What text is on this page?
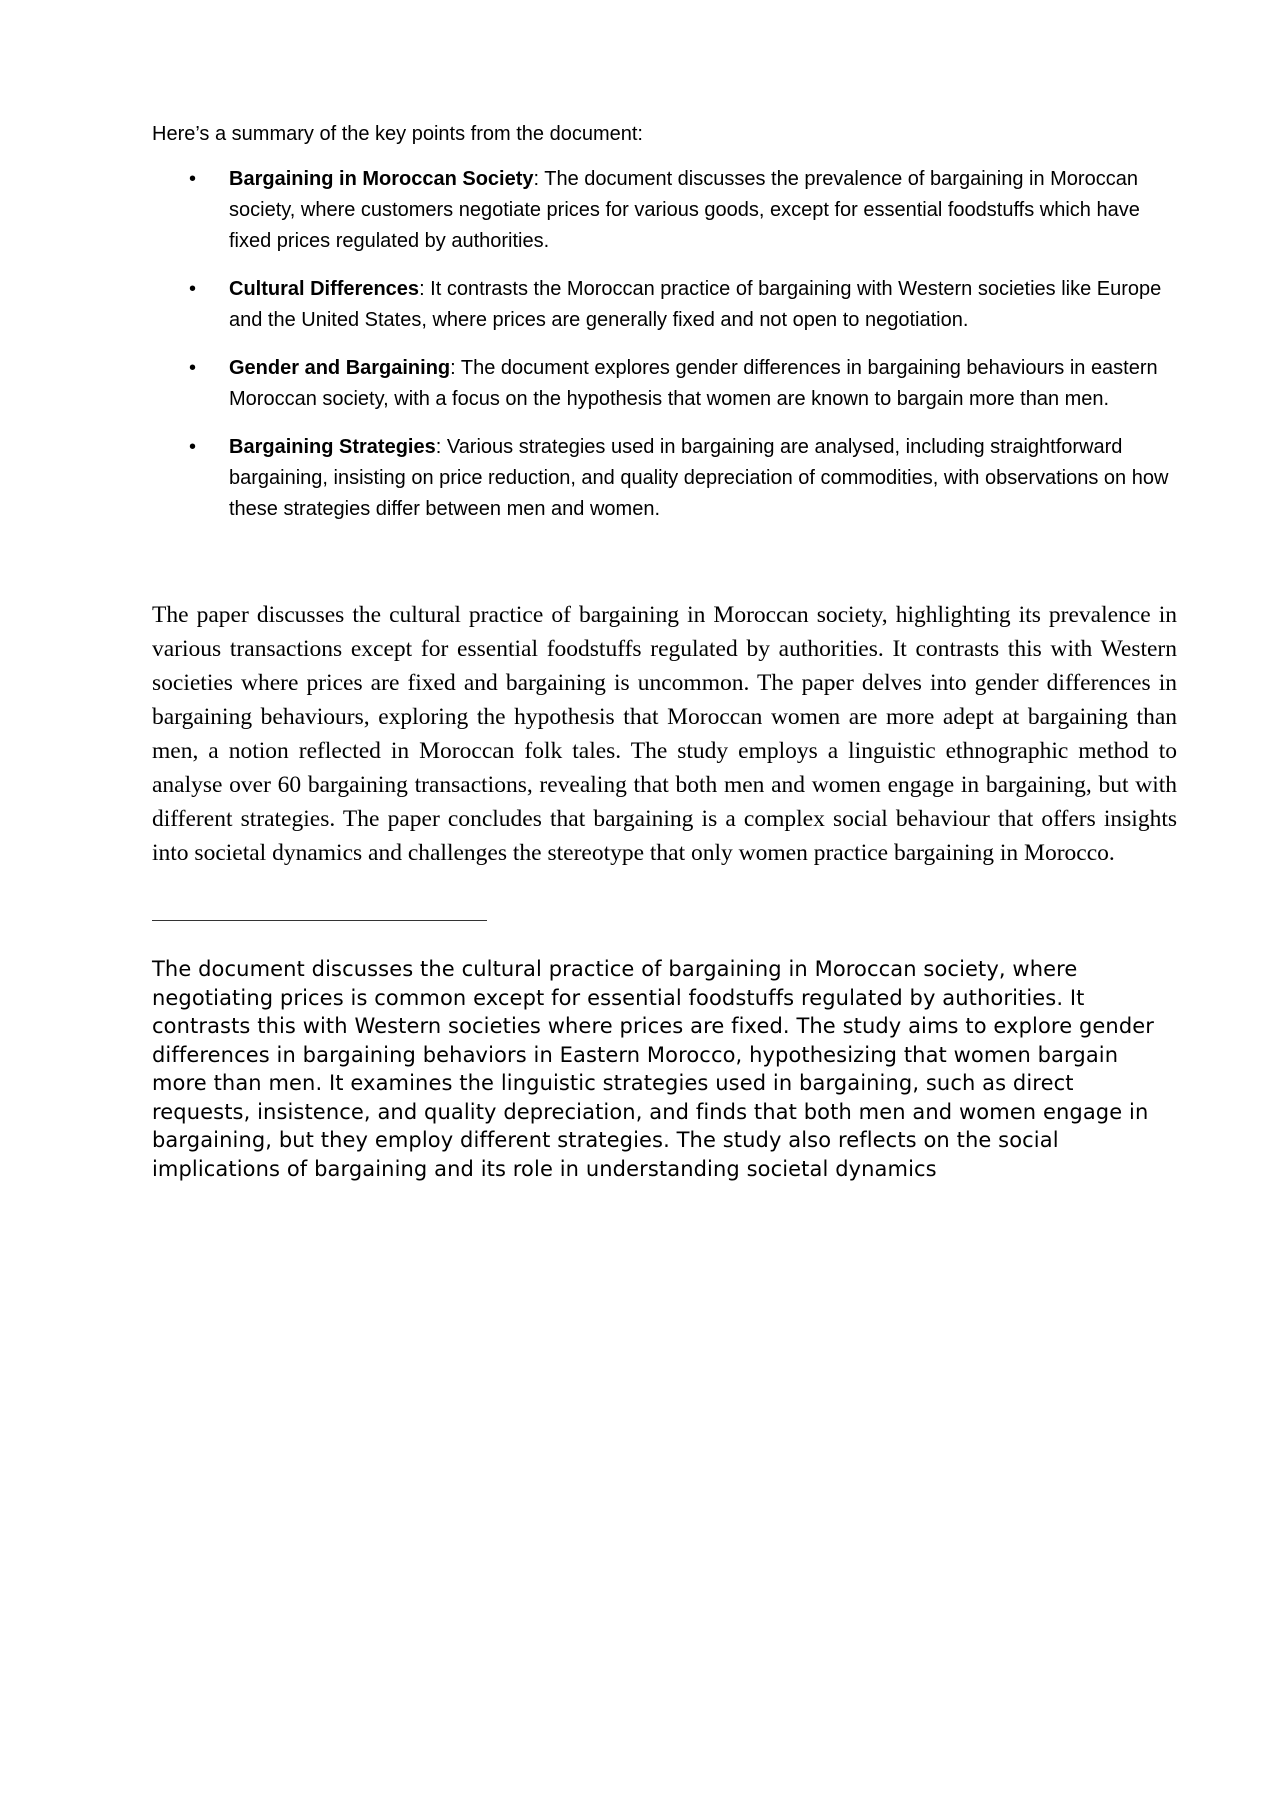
Here’s a summary of the key points from the document:

• Bargaining in Moroccan Society: The document discusses the prevalence of bargaining in Moroccan society, where customers negotiate prices for various goods, except for essential foodstuffs which have fixed prices regulated by authorities.
• Cultural Differences: It contrasts the Moroccan practice of bargaining with Western societies like Europe and the United States, where prices are generally fixed and not open to negotiation.
• Gender and Bargaining: The document explores gender differences in bargaining behaviours in eastern Moroccan society, with a focus on the hypothesis that women are known to bargain more than men.
• Bargaining Strategies: Various strategies used in bargaining are analysed, including straightforward bargaining, insisting on price reduction, and quality depreciation of commodities, with observations on how these strategies differ between men and women.

The paper discusses the cultural practice of bargaining in Moroccan society, highlighting its prevalence in various transactions except for essential foodstuffs regulated by authorities. It contrasts this with Western societies where prices are fixed and bargaining is uncommon. The paper delves into gender differences in bargaining behaviours, exploring the hypothesis that Moroccan women are more adept at bargaining than men, a notion reflected in Moroccan folk tales. The study employs a linguistic ethnographic method to analyse over 60 bargaining transactions, revealing that both men and women engage in bargaining, but with different strategies. The paper concludes that bargaining is a complex social behaviour that offers insights into societal dynamics and challenges the stereotype that only women practice bargaining in Morocco.

The document discusses the cultural practice of bargaining in Moroccan society, where negotiating prices is common except for essential foodstuffs regulated by authorities. It contrasts this with Western societies where prices are fixed. The study aims to explore gender differences in bargaining behaviors in Eastern Morocco, hypothesizing that women bargain more than men. It examines the linguistic strategies used in bargaining, such as direct requests, insistence, and quality depreciation, and finds that both men and women engage in bargaining, but they employ different strategies. The study also reflects on the social implications of bargaining and its role in understanding societal dynamics
